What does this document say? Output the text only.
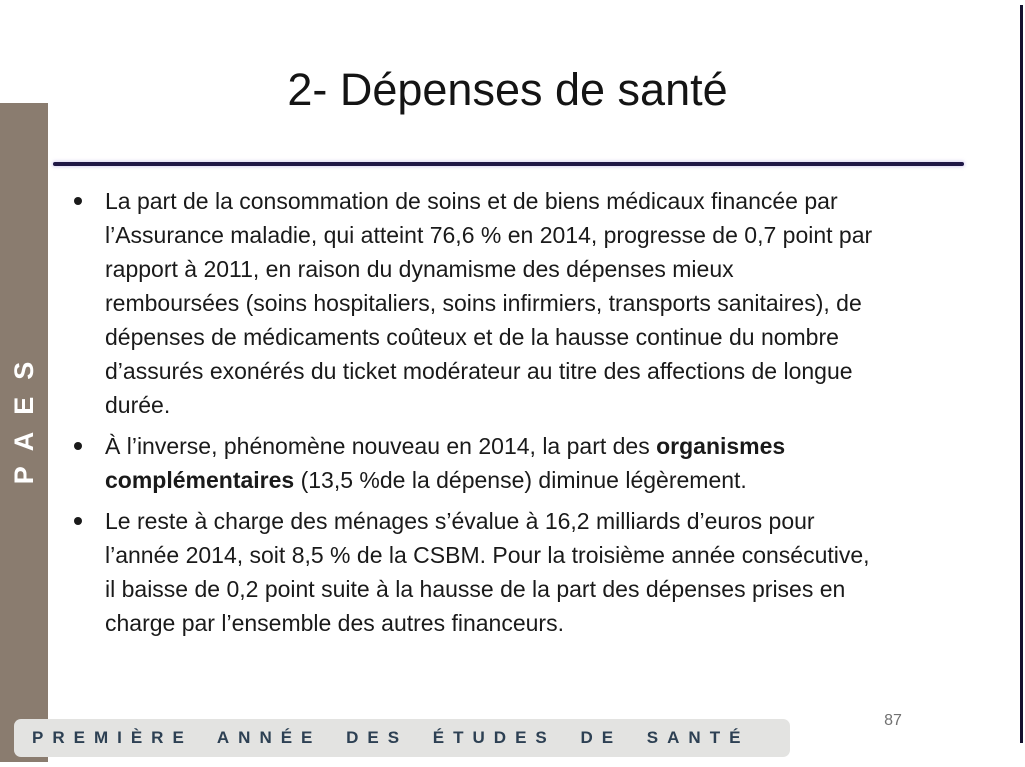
2- Dépenses de santé
PAES
La part de la consommation de soins et de biens médicaux financée par
l’Assurance maladie, qui atteint 76,6 % en 2014, progresse de 0,7 point par
rapport à 2011, en raison du dynamisme des dépenses mieux
remboursées (soins hospitaliers, soins infirmiers, transports sanitaires), de
dépenses de médicaments coûteux et de la hausse continue du nombre
d’assurés exonérés du ticket modérateur au titre des affections de longue
durée.
À l’inverse, phénomène nouveau en 2014, la part des organismes
complémentaires (13,5 %de la dépense) diminue légèrement.
Le reste à charge des ménages s’évalue à 16,2 milliards d’euros pour
l’année 2014, soit 8,5 % de la CSBM. Pour la troisième année consécutive,
il baisse de 0,2 point suite à la hausse de la part des dépenses prises en
charge par l’ensemble des autres financeurs.
PREMIÈRE ANNÉE DES ÉTUDES DE SANTÉ
87
